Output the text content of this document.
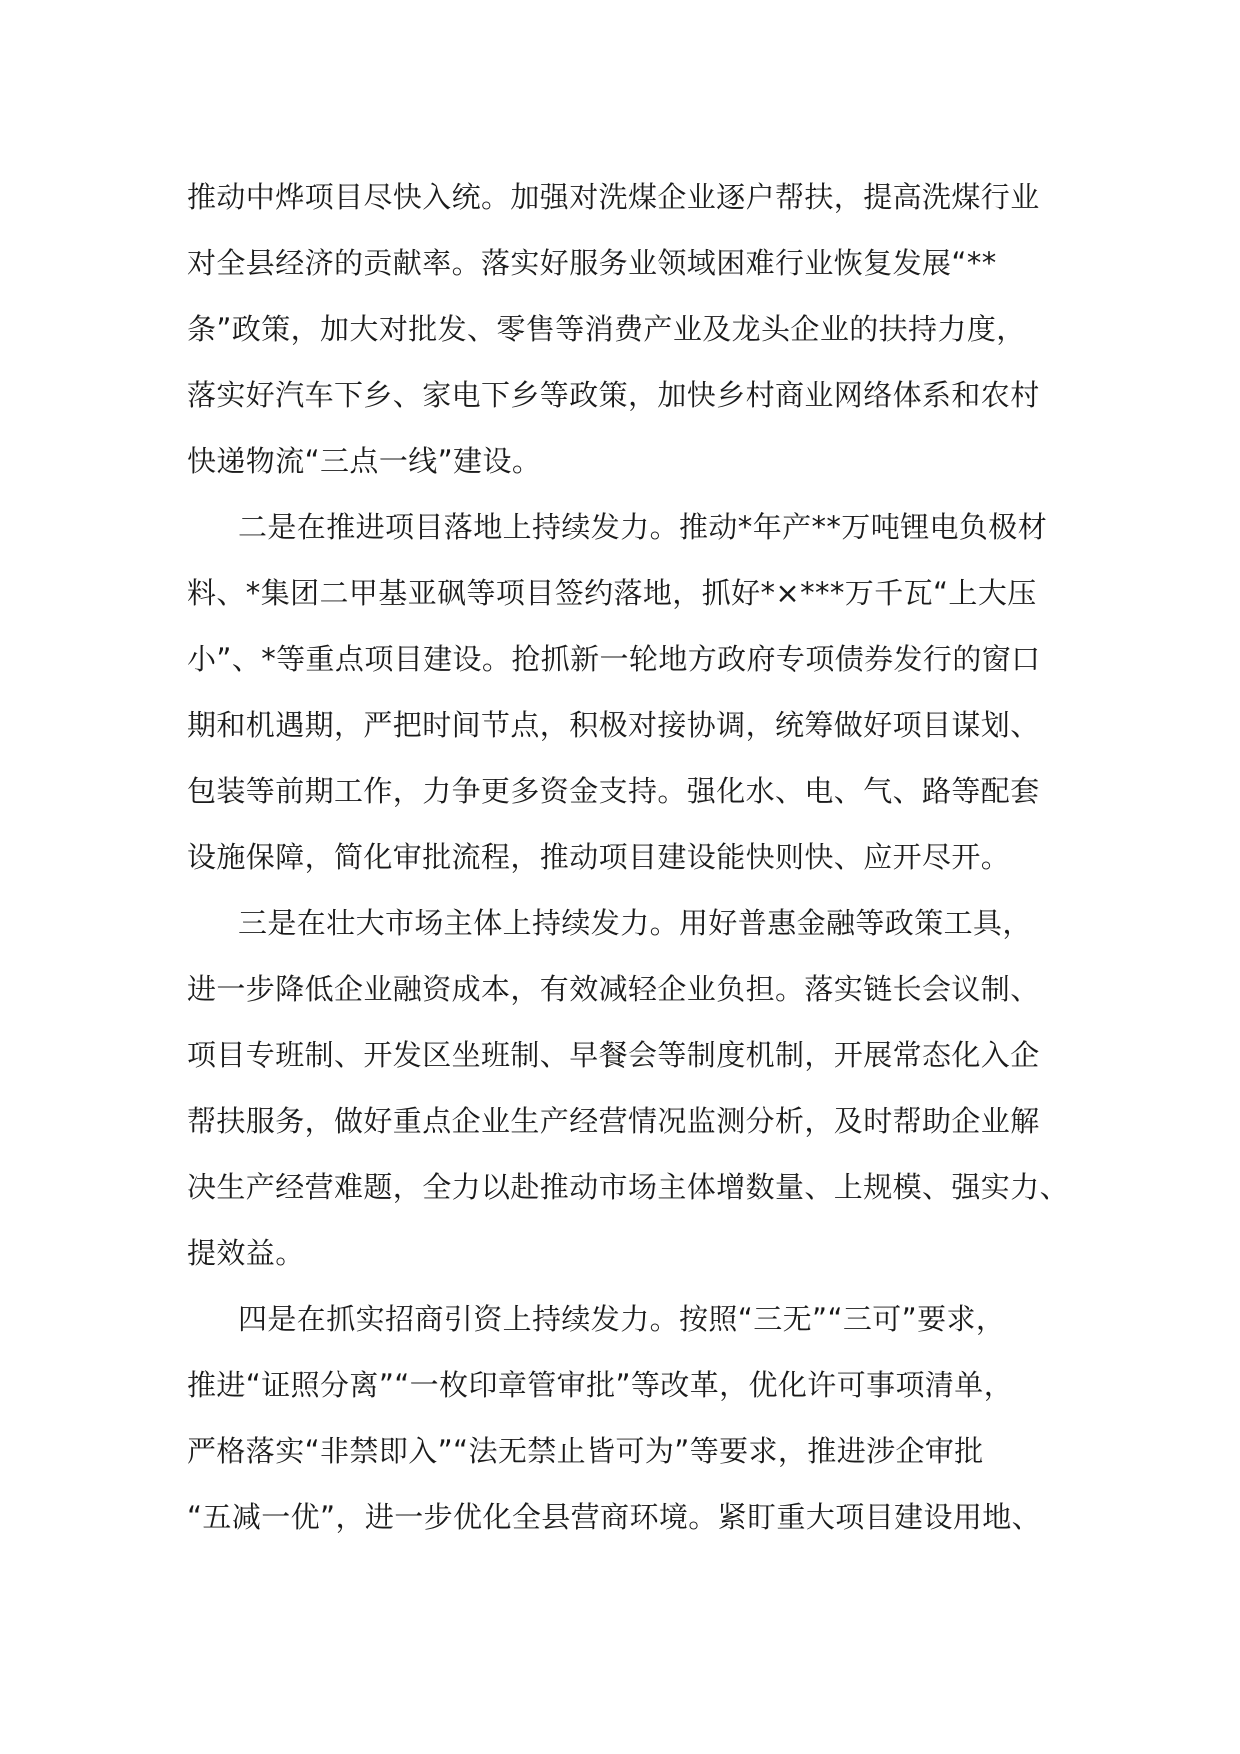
推动中烨项目尽快入统。加强对洗煤企业逐户帮扶，提高洗煤行业
对全县经济的贡献率。落实好服务业领域困难行业恢复发展“**
条”政策，加大对批发、零售等消费产业及龙头企业的扶持力度，
落实好汽车下乡、家电下乡等政策，加快乡村商业网络体系和农村
快递物流“三点一线”建设。
二是在推进项目落地上持续发力。推动*年产**万吨锂电负极材
料、*集团二甲基亚砜等项目签约落地，抓好*×***万千瓦“上大压
小”、*等重点项目建设。抢抓新一轮地方政府专项债券发行的窗口
期和机遇期，严把时间节点，积极对接协调，统筹做好项目谋划、
包装等前期工作，力争更多资金支持。强化水、电、气、路等配套
设施保障，简化审批流程，推动项目建设能快则快、应开尽开。
三是在壮大市场主体上持续发力。用好普惠金融等政策工具，
进一步降低企业融资成本，有效减轻企业负担。落实链长会议制、
项目专班制、开发区坐班制、早餐会等制度机制，开展常态化入企
帮扶服务，做好重点企业生产经营情况监测分析，及时帮助企业解
决生产经营难题，全力以赴推动市场主体增数量、上规模、强实力、
提效益。
四是在抓实招商引资上持续发力。按照“三无”“三可”要求，
推进“证照分离”“一枚印章管审批”等改革，优化许可事项清单，
严格落实“非禁即入”“法无禁止皆可为”等要求，推进涉企审批
“五减一优”，进一步优化全县营商环境。紧盯重大项目建设用地、
